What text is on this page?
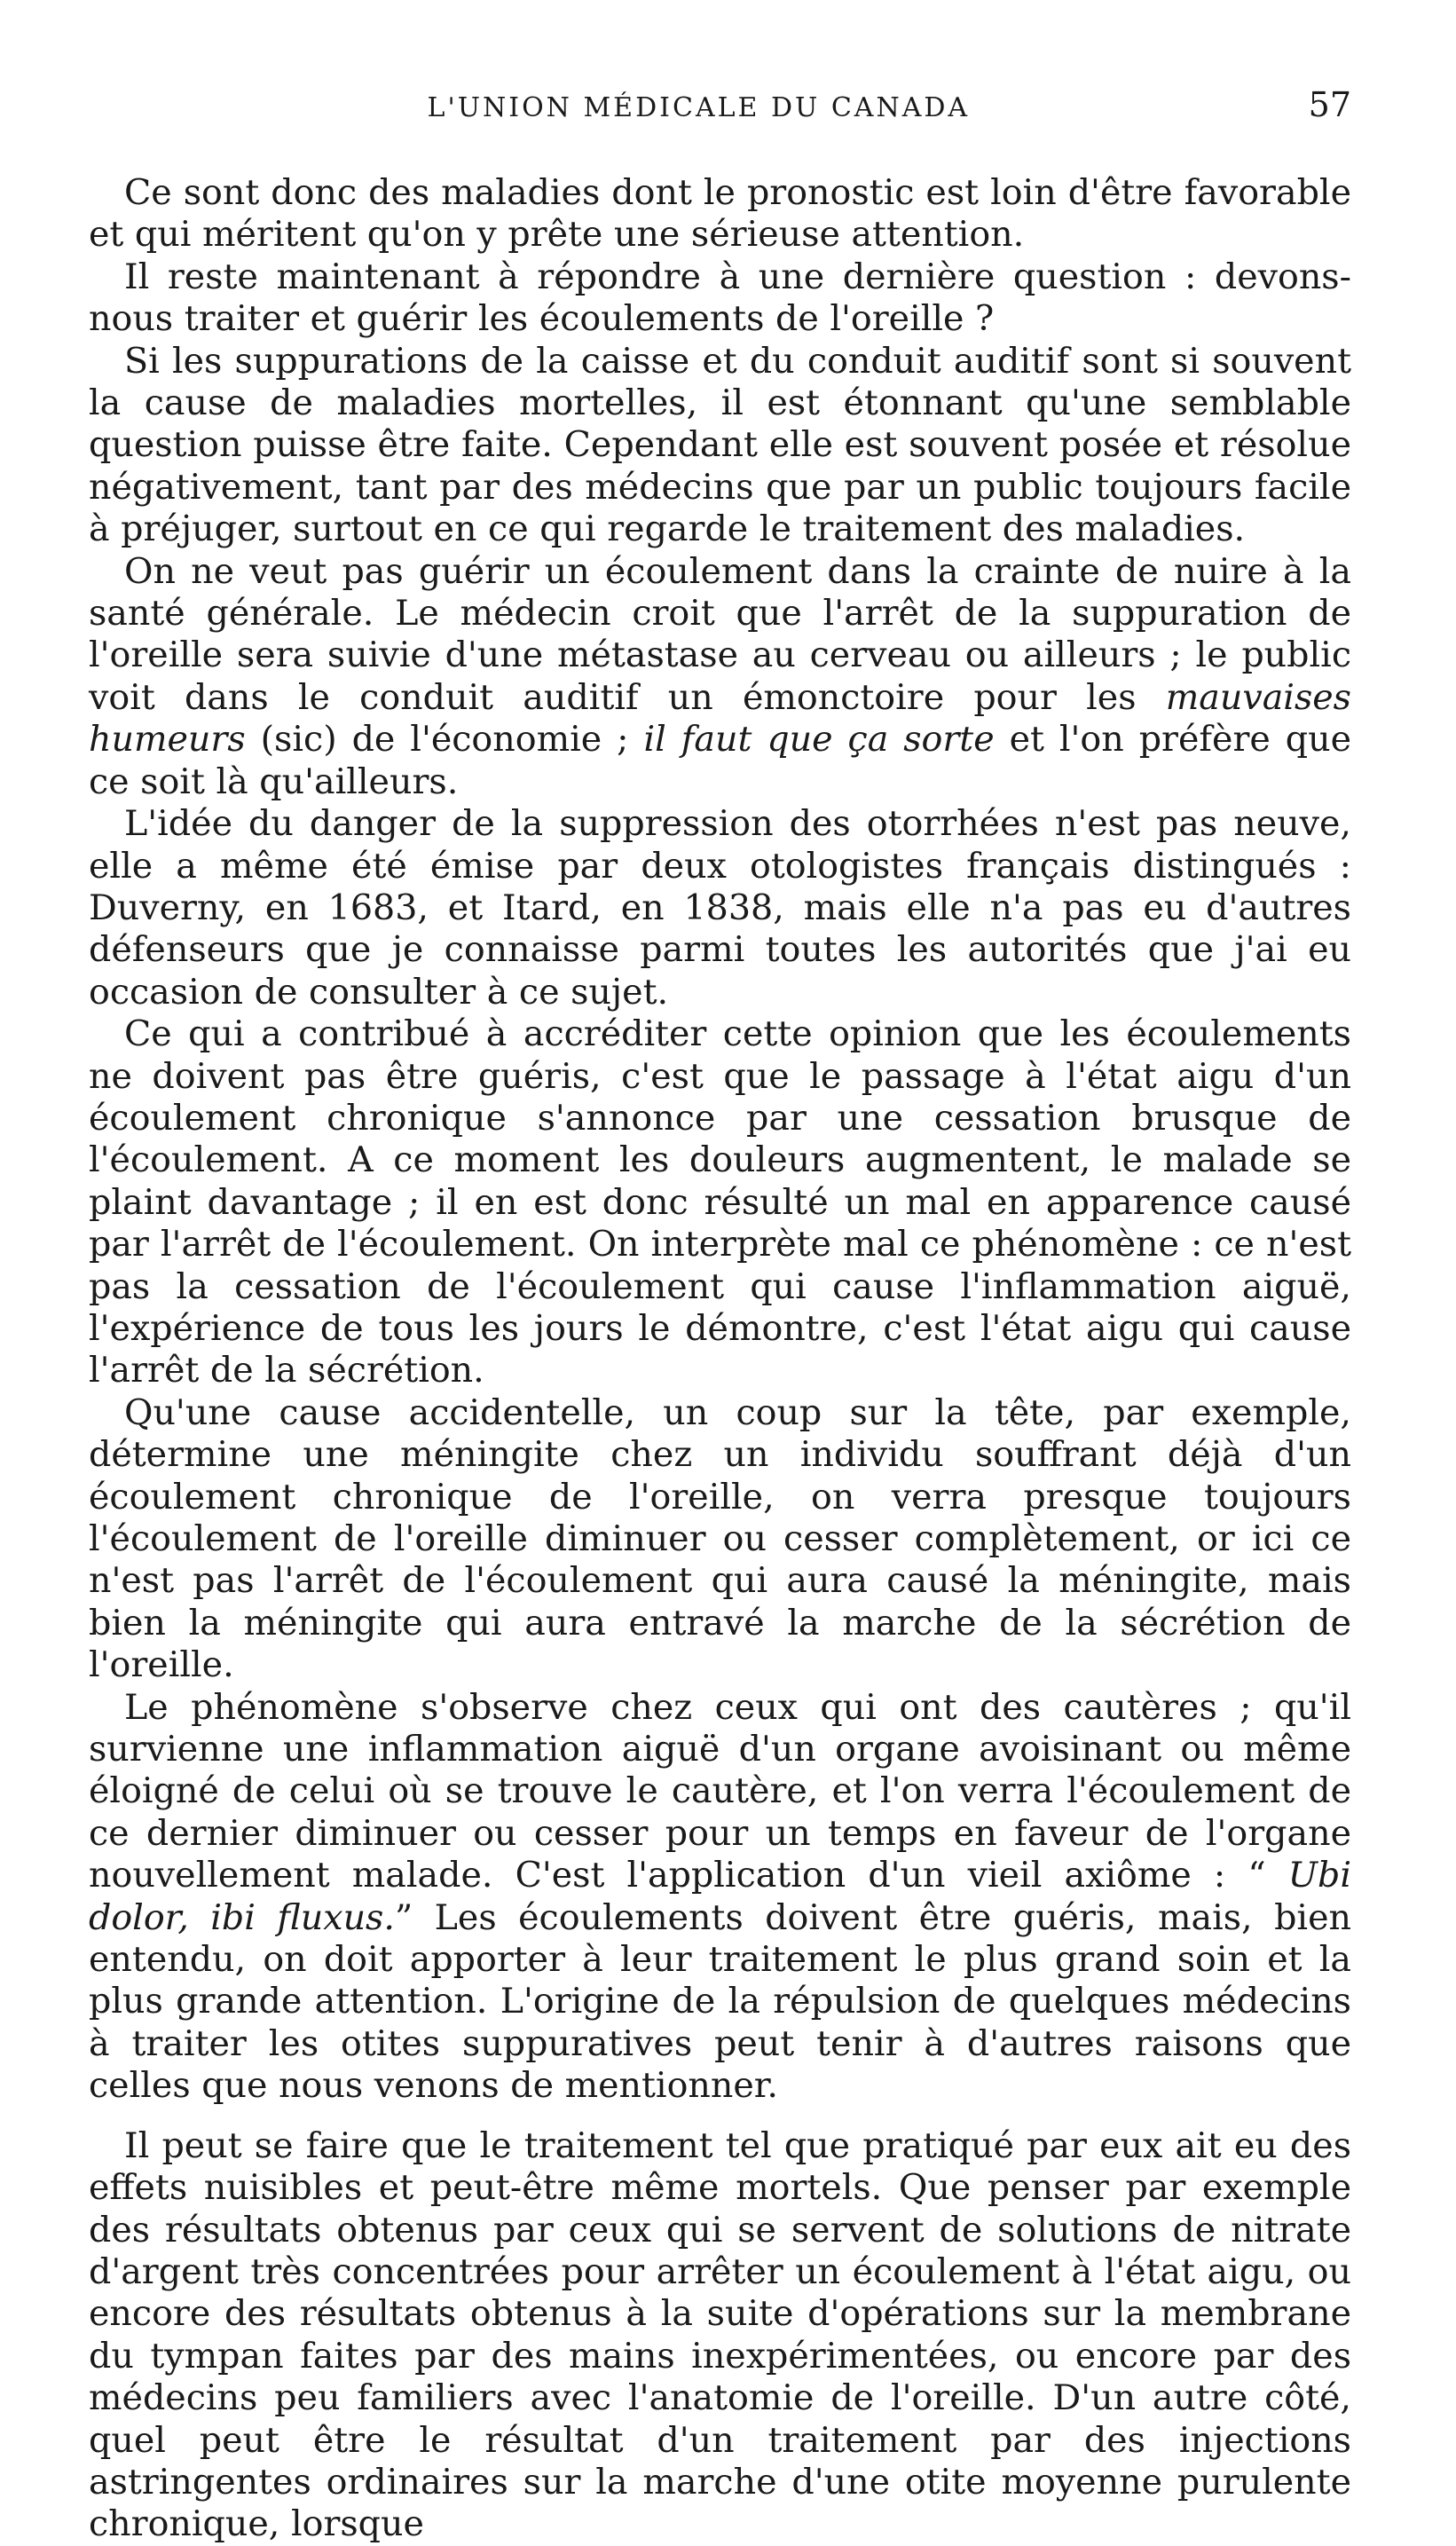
L'UNION MÉDICALE DU CANADA	57

Ce sont donc des maladies dont le pronostic est loin d'être favorable et qui méritent qu'on y prête une sérieuse attention.

Il reste maintenant à répondre à une dernière question : devons-nous traiter et guérir les écoulements de l'oreille ?

Si les suppurations de la caisse et du conduit auditif sont si souvent la cause de maladies mortelles, il est étonnant qu'une semblable question puisse être faite. Cependant elle est souvent posée et résolue négativement, tant par des médecins que par un public toujours facile à préjuger, surtout en ce qui regarde le traitement des maladies.

On ne veut pas guérir un écoulement dans la crainte de nuire à la santé générale. Le médecin croit que l'arrêt de la suppuration de l'oreille sera suivie d'une métastase au cerveau ou ailleurs ; le public voit dans le conduit auditif un émonctoire pour les mauvaises humeurs (sic) de l'économie ; il faut que ça sorte et l'on préfère que ce soit là qu'ailleurs.

L'idée du danger de la suppression des otorrhées n'est pas neuve, elle a même été émise par deux otologistes français distingués : Duverny, en 1683, et Itard, en 1838, mais elle n'a pas eu d'autres défenseurs que je connaisse parmi toutes les autorités que j'ai eu occasion de consulter à ce sujet.

Ce qui a contribué à accréditer cette opinion que les écoulements ne doivent pas être guéris, c'est que le passage à l'état aigu d'un écoulement chronique s'annonce par une cessation brusque de l'écoulement. A ce moment les douleurs augmentent, le malade se plaint davantage ; il en est donc résulté un mal en apparence causé par l'arrêt de l'écoulement. On interprète mal ce phénomène : ce n'est pas la cessation de l'écoulement qui cause l'inflammation aiguë, l'expérience de tous les jours le démontre, c'est l'état aigu qui cause l'arrêt de la sécrétion.

Qu'une cause accidentelle, un coup sur la tête, par exemple, détermine une méningite chez un individu souffrant déjà d'un écoulement chronique de l'oreille, on verra presque toujours l'écoulement de l'oreille diminuer ou cesser complètement, or ici ce n'est pas l'arrêt de l'écoulement qui aura causé la méningite, mais bien la méningite qui aura entravé la marche de la sécrétion de l'oreille.

Le phénomène s'observe chez ceux qui ont des cautères ; qu'il survienne une inflammation aiguë d'un organe avoisinant ou même éloigné de celui où se trouve le cautère, et l'on verra l'écoulement de ce dernier diminuer ou cesser pour un temps en faveur de l'organe nouvellement malade. C'est l'application d'un vieil axiôme : “ Ubi dolor, ibi fluxus.” Les écoulements doivent être guéris, mais, bien entendu, on doit apporter à leur traitement le plus grand soin et la plus grande attention. L'origine de la répulsion de quelques médecins à traiter les otites suppuratives peut tenir à d'autres raisons que celles que nous venons de mentionner.

Il peut se faire que le traitement tel que pratiqué par eux ait eu des effets nuisibles et peut-être même mortels. Que penser par exemple des résultats obtenus par ceux qui se servent de solutions de nitrate d'argent très concentrées pour arrêter un écoulement à l'état aigu, ou encore des résultats obtenus à la suite d'opérations sur la membrane du tympan faites par des mains inexpérimentées, ou encore par des médecins peu familiers avec l'anatomie de l'oreille. D'un autre côté, quel peut être le résultat d'un traitement par des injections astringentes ordinaires sur la marche d'une otite moyenne purulente chronique, lorsque
